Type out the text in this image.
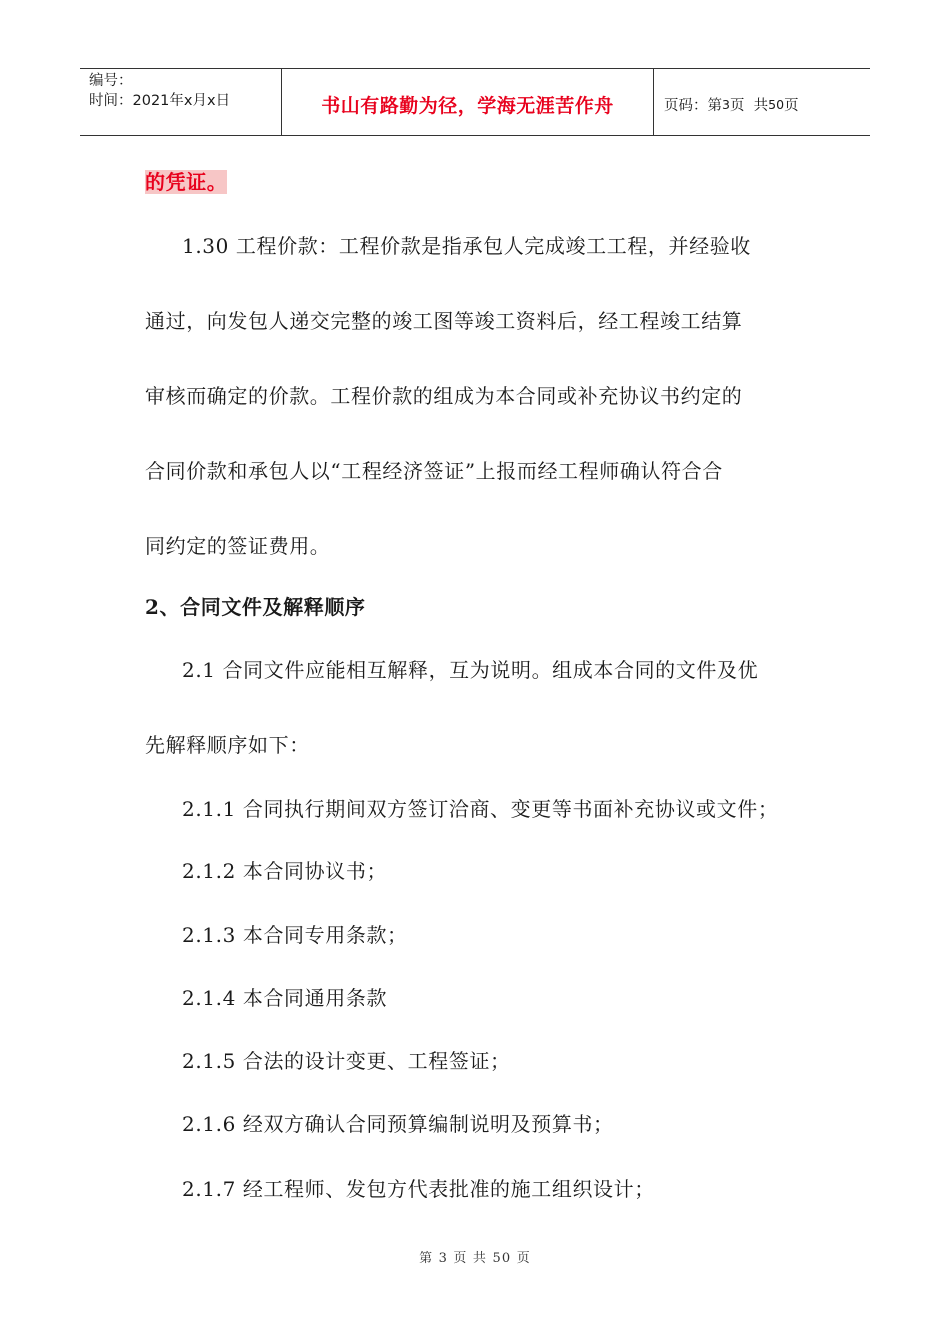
编号：
时间：2021年x月x日	书山有路勤为径，学海无涯苦作舟	页码：第 3 页  共 50 页
的凭证。
1.30 工程价款：工程价款是指承包人完成竣工工程，并经验收
通过，向发包人递交完整的竣工图等竣工资料后，经工程竣工结算
审核而确定的价款。工程价款的组成为本合同或补充协议书约定的
合同价款和承包人以“工程经济签证”上报而经工程师确认符合合
同约定的签证费用。
2、合同文件及解释顺序
2.1 合同文件应能相互解释，互为说明。组成本合同的文件及优
先解释顺序如下：
2.1.1 合同执行期间双方签订洽商、变更等书面补充协议或文件；
2.1.2 本合同协议书；
2.1.3 本合同专用条款；
2.1.4 本合同通用条款
2.1.5 合法的设计变更、工程签证；
2.1.6 经双方确认合同预算编制说明及预算书；
2.1.7 经工程师、发包方代表批准的施工组织设计；
第 3 页 共 50 页
